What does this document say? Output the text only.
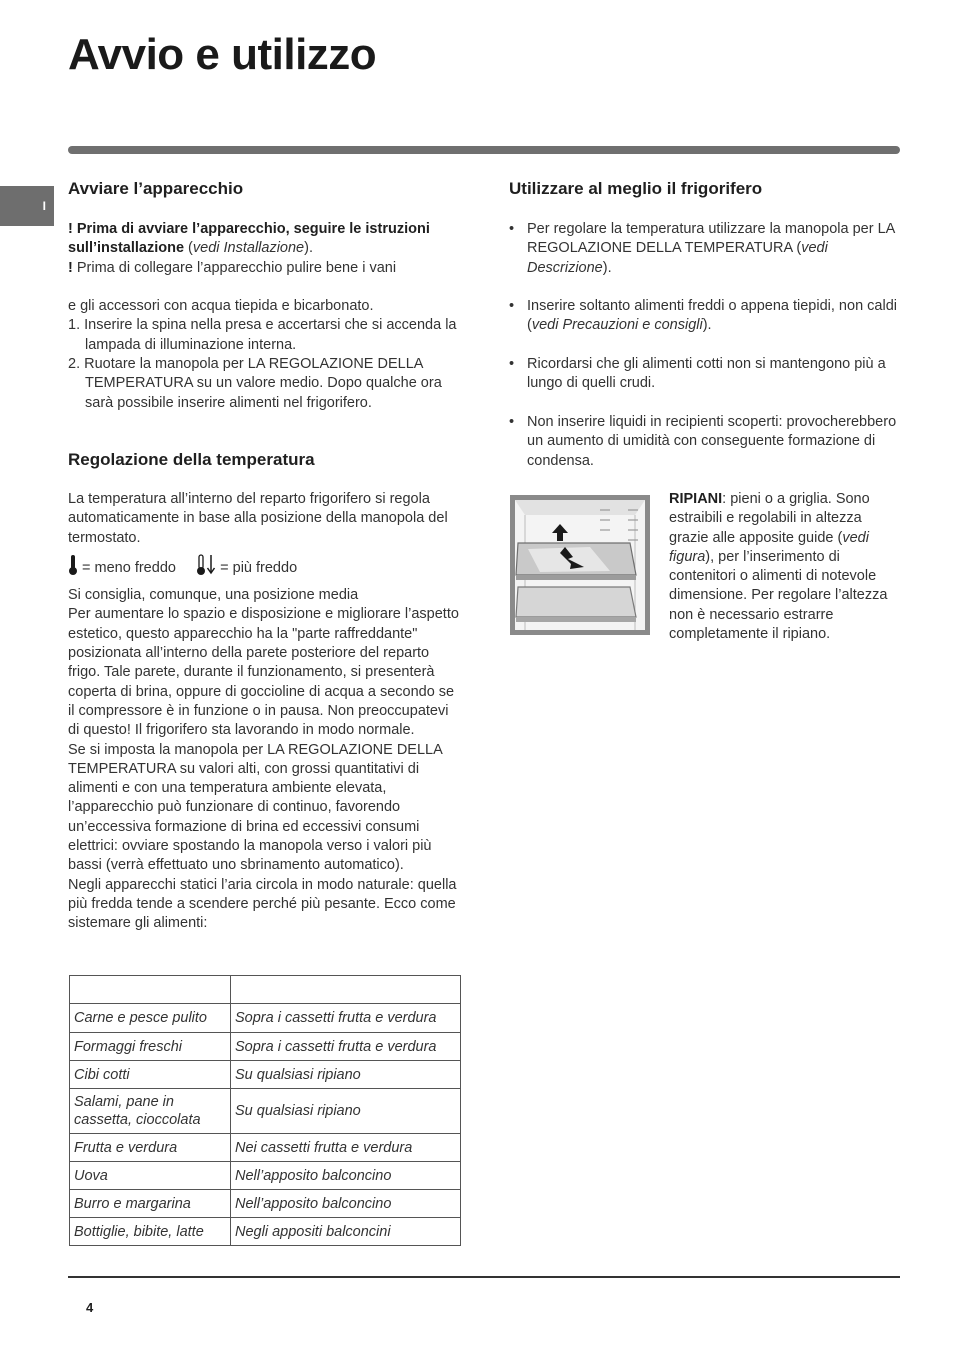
Avvio e utilizzo
I
Avviare l’apparecchio

! Prima di avviare l’apparecchio, seguire le istruzioni sull’installazione (vedi Installazione).

! Prima di collegare l’apparecchio pulire bene i vani

e gli accessori con acqua tiepida e bicarbonato.

1. Inserire la spina nella presa e accertarsi che si accenda la lampada di illuminazione interna.

2. Ruotare la manopola per LA REGOLAZIONE DELLA TEMPERATURA su un valore medio. Dopo qualche ora sarà possibile inserire alimenti nel frigorifero.

Regolazione della temperatura

La temperatura all’interno del reparto frigorifero si regola automaticamente in base alla posizione della manopola del termostato.

= meno freddo	= più freddo

Si consiglia, comunque, una posizione media

Per aumentare lo spazio e disposizione e migliorare l’aspetto estetico, questo apparecchio ha la "parte raffreddante" posizionata all’interno della parete posteriore del reparto frigo. Tale parete, durante il funzionamento, si presenterà coperta di brina, oppure di goccioline di acqua a secondo se il compressore è in funzione o in pausa. Non preoccupatevi di questo! Il frigorifero sta lavorando in modo normale.

Se si imposta la manopola per LA REGOLAZIONE DELLA TEMPERATURA su valori alti, con grossi quantitativi di alimenti e con una temperatura ambiente elevata, l’apparecchio può funzionare di continuo, favorendo un’eccessiva formazione di brina ed eccessivi consumi elettrici: ovviare spostando la manopola verso i valori più bassi (verrà effettuato uno sbrinamento automatico).

Negli apparecchi statici l’aria circola in modo naturale: quella più fredda tende a scendere perché più pesante. Ecco come sistemare gli alimenti:

Carne e pesce pulito	Sopra i cassetti frutta e verdura
Formaggi freschi	Sopra i cassetti frutta e verdura
Cibi cotti	Su qualsiasi ripiano
Salami, pane in cassetta, cioccolata	Su qualsiasi ripiano
Frutta e verdura	Nei cassetti frutta e verdura
Uova	Nell’apposito balconcino
Burro e margarina	Nell’apposito balconcino
Bottiglie, bibite, latte	Negli appositi balconcini
Utilizzare al meglio il frigorifero
• Per regolare la temperatura utilizzare la manopola per LA REGOLAZIONE DELLA TEMPERATURA (vedi Descrizione).
• Inserire soltanto alimenti freddi o appena tiepidi, non caldi (vedi Precauzioni e consigli).
• Ricordarsi che gli alimenti cotti non si mantengono più a lungo di quelli crudi.
• Non inserire liquidi in recipienti scoperti: provocherebbero un aumento di umidità con conseguente formazione di condensa.

RIPIANI: pieni o a griglia. Sono estraibili e regolabili in altezza grazie alle apposite guide (vedi figura), per l’inserimento di contenitori o alimenti di notevole dimensione. Per regolare l’altezza non è necessario estrarre completamente il ripiano.

4
